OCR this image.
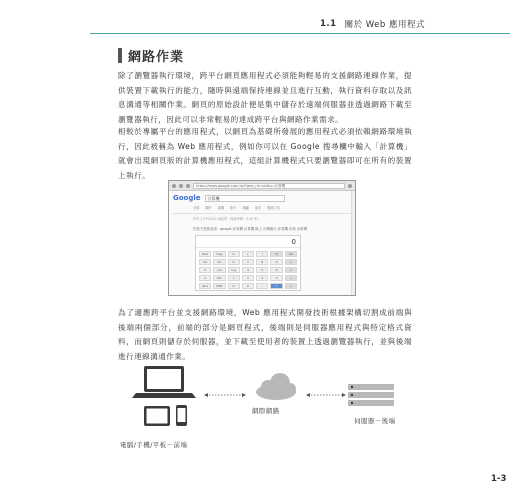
1.1 關於 Web 應用程式
網路作業

除了瀏覽器執行環境，跨平台網頁應用程式必須能夠輕易的支援網路連線作業，提供裝置下載執行的能力，隨時與遠端保持連線並且進行互動，執行資料存取以及訊息溝通等相關作業。網頁的原始設計便是集中儲存於遠端伺服器並透過網路下載至瀏覽器執行，因此可以非常輕易的達成跨平台與網路作業需求。

相較於專屬平台的應用程式，以網頁為基礎所發展的應用程式必須依賴網路環境執行，因此被稱為 Web 應用程式，例如你可以在 Google 搜尋欄中輸入「計算機」就會出現網頁版的計算機應用程式，這組計算機程式只要瀏覽器即可在所有的裝置上執行。

https://www.google.com.tw/?gws_rd=ssl#q=計算機
Google	計算機
全部 圖片 新聞 影片 地圖 更多 搜尋工具
約有 2,370,000 項結果（搜尋時間：0.45 秒）
你是不是要查詢：google 計算機 計算機 線上 台灣銀行 計算機 房貸 計算機
0
Rad	Deg	x!	(	)	%	AC
Inv	sin	ln	7	8	9	÷
π	cos	log	4	5	6	×
e	tan	√	1	2	3	−
Ans	EXP	xʸ	0	.	=	+

為了適應跨平台並支援網路環境，Web 應用程式開發技術根據架構切割成前端與後端兩個部分，前端的部分是網頁程式，後端則是伺服器應用程式與特定格式資料，而網頁則儲存於伺服器，並下載至使用者的裝置上透過瀏覽器執行，並與後端進行連線溝通作業。

網際網路
伺服器－後端
電腦/手機/平板－前端
1-3
